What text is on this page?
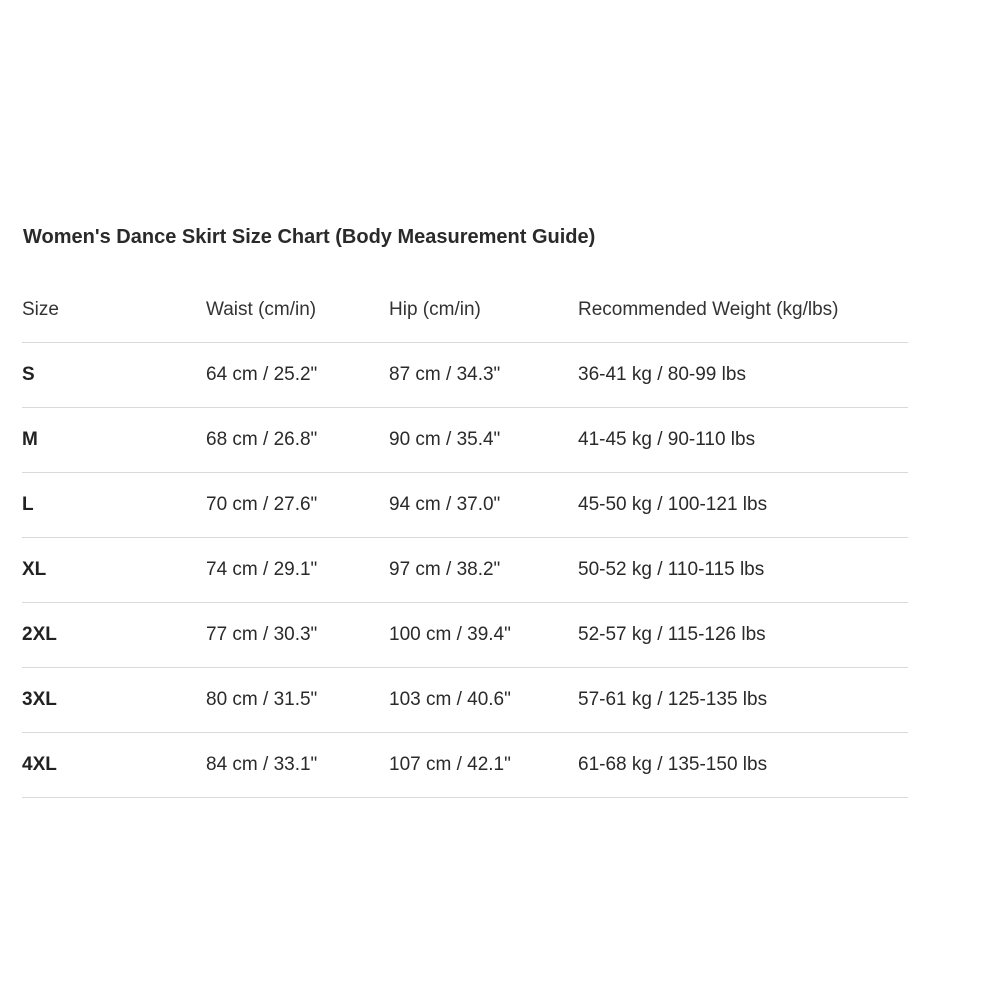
Women's Dance Skirt Size Chart (Body Measurement Guide)
Size	Waist (cm/in)	Hip (cm/in)	Recommended Weight (kg/lbs)
S	64 cm / 25.2"	87 cm / 34.3"	36-41 kg / 80-99 lbs
M	68 cm / 26.8"	90 cm / 35.4"	41-45 kg / 90-110 lbs
L	70 cm / 27.6"	94 cm / 37.0"	45-50 kg / 100-121 lbs
XL	74 cm / 29.1"	97 cm / 38.2"	50-52 kg / 110-115 lbs
2XL	77 cm / 30.3"	100 cm / 39.4"	52-57 kg / 115-126 lbs
3XL	80 cm / 31.5"	103 cm / 40.6"	57-61 kg / 125-135 lbs
4XL	84 cm / 33.1"	107 cm / 42.1"	61-68 kg / 135-150 lbs
